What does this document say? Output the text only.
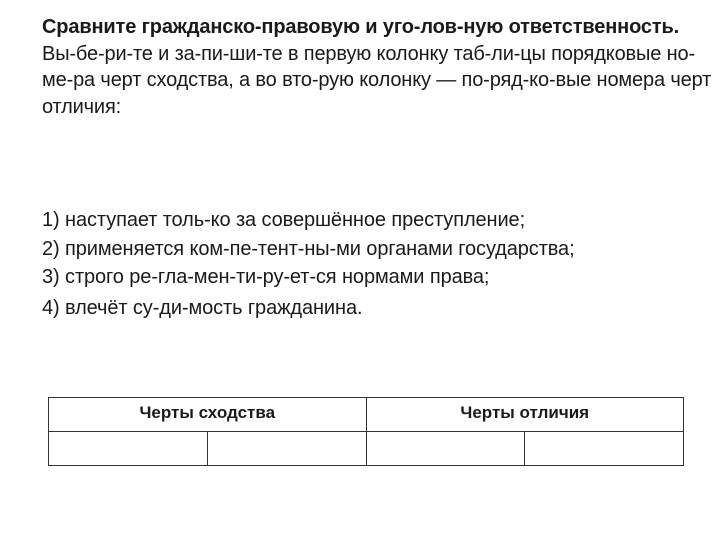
Сравните гражданско-правовую и уго-лов-ную ответственность. Вы-бе-ри-те и за-пи-ши-те в первую колонку таб-ли-цы порядковые но-ме-ра черт сходства, а во вто-рую колонку — по-ряд-ко-вые номера черт отличия:
1) наступает толь-ко за совершённое преступление;
2) применяется ком-пе-тент-ны-ми органами государства;
3) строго ре-гла-мен-ти-ру-ет-ся нормами права;
4) влечёт су-ди-мость гражданина.
Черты сходства		Черты отличия	
